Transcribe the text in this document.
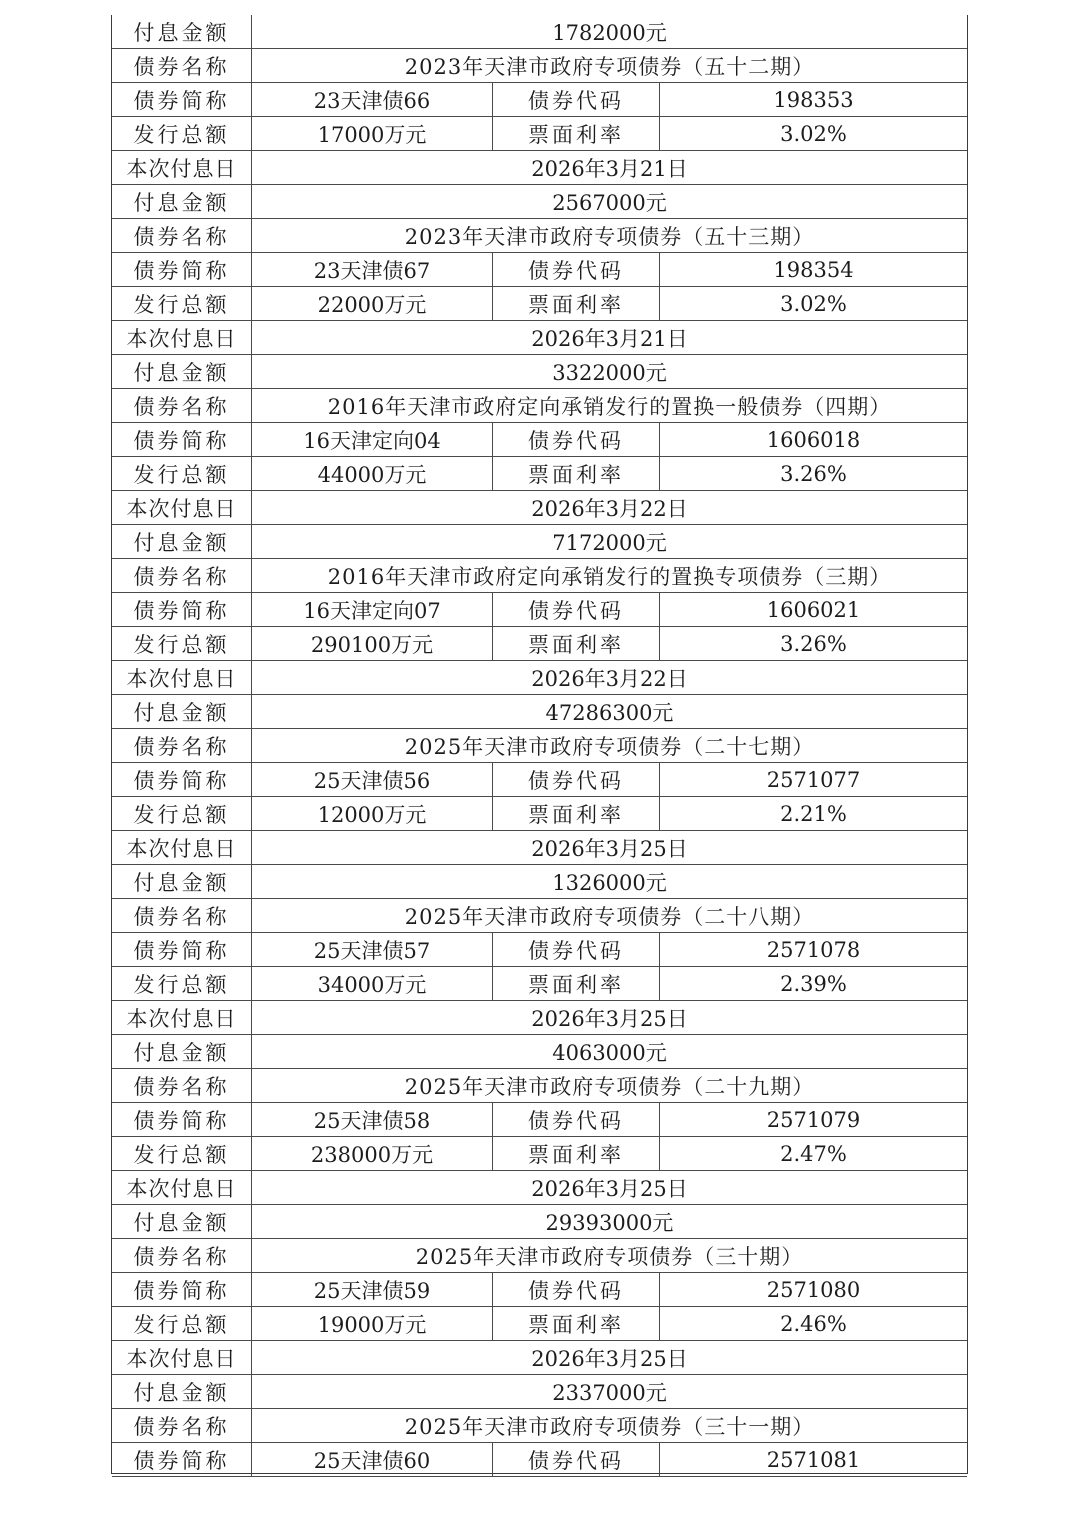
付息金额	1782000元
债券名称	2023年天津市政府专项债券（五十二期）
债券简称	23天津债66	债券代码	198353
发行总额	17000万元	票面利率	3.02%
本次付息日	2026年3月21日
付息金额	2567000元
债券名称	2023年天津市政府专项债券（五十三期）
债券简称	23天津债67	债券代码	198354
发行总额	22000万元	票面利率	3.02%
本次付息日	2026年3月21日
付息金额	3322000元
债券名称	2016年天津市政府定向承销发行的置换一般债券（四期）
债券简称	16天津定向04	债券代码	1606018
发行总额	44000万元	票面利率	3.26%
本次付息日	2026年3月22日
付息金额	7172000元
债券名称	2016年天津市政府定向承销发行的置换专项债券（三期）
债券简称	16天津定向07	债券代码	1606021
发行总额	290100万元	票面利率	3.26%
本次付息日	2026年3月22日
付息金额	47286300元
债券名称	2025年天津市政府专项债券（二十七期）
债券简称	25天津债56	债券代码	2571077
发行总额	12000万元	票面利率	2.21%
本次付息日	2026年3月25日
付息金额	1326000元
债券名称	2025年天津市政府专项债券（二十八期）
债券简称	25天津债57	债券代码	2571078
发行总额	34000万元	票面利率	2.39%
本次付息日	2026年3月25日
付息金额	4063000元
债券名称	2025年天津市政府专项债券（二十九期）
债券简称	25天津债58	债券代码	2571079
发行总额	238000万元	票面利率	2.47%
本次付息日	2026年3月25日
付息金额	29393000元
债券名称	2025年天津市政府专项债券（三十期）
债券简称	25天津债59	债券代码	2571080
发行总额	19000万元	票面利率	2.46%
本次付息日	2026年3月25日
付息金额	2337000元
债券名称	2025年天津市政府专项债券（三十一期）
债券简称	25天津债60	债券代码	2571081
